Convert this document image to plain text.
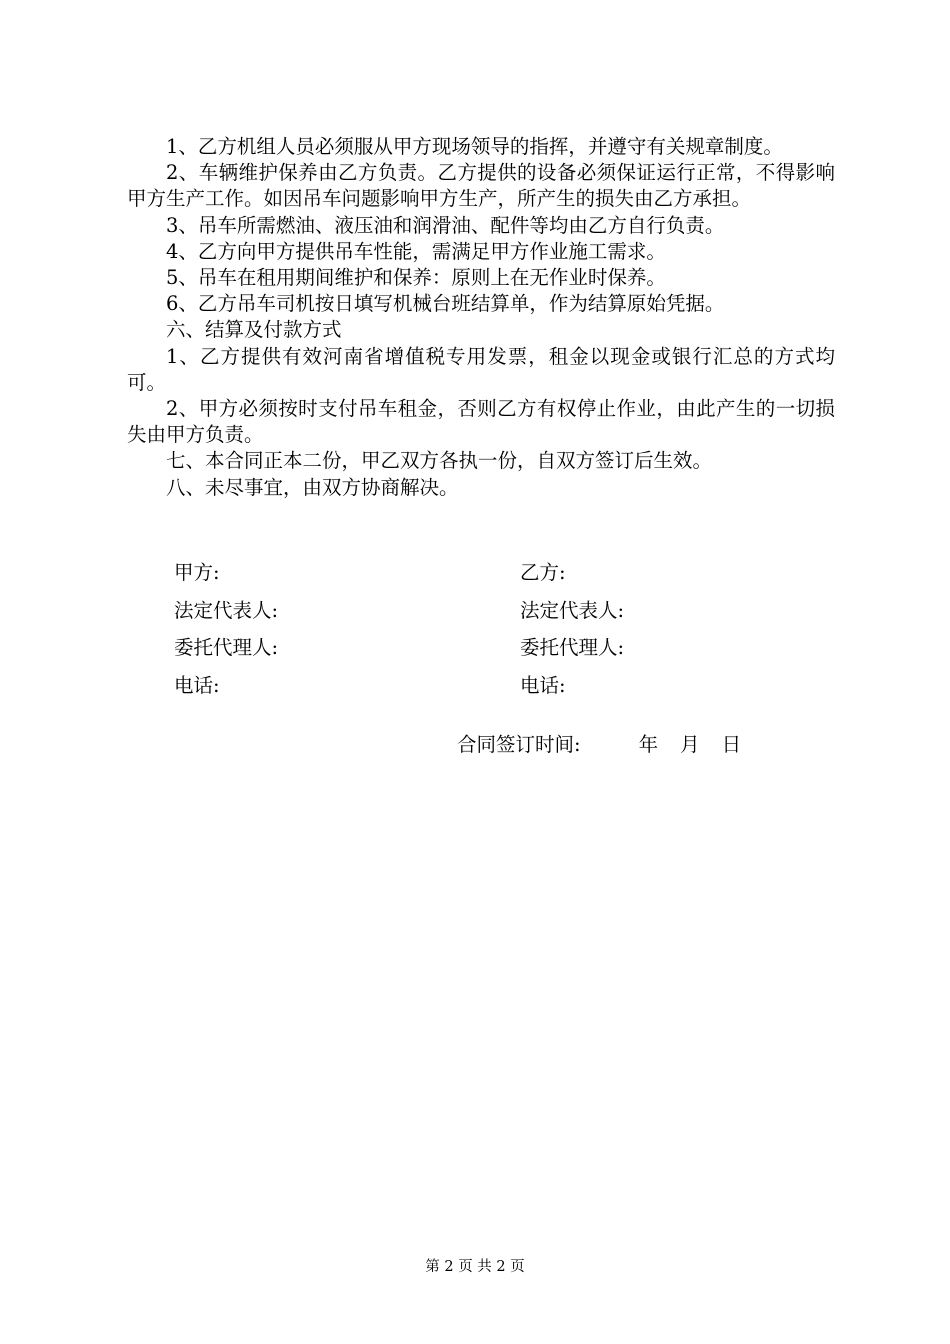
1、乙方机组人员必须服从甲方现场领导的指挥，并遵守有关规章制度。

2、车辆维护保养由乙方负责。乙方提供的设备必须保证运行正常，不得影响甲方生产工作。如因吊车问题影响甲方生产，所产生的损失由乙方承担。

3、吊车所需燃油、液压油和润滑油、配件等均由乙方自行负责。

4、乙方向甲方提供吊车性能，需满足甲方作业施工需求。

5、吊车在租用期间维护和保养：原则上在无作业时保养。

6、乙方吊车司机按日填写机械台班结算单，作为结算原始凭据。

六、结算及付款方式

1、乙方提供有效河南省增值税专用发票，租金以现金或银行汇总的方式均可。

2、甲方必须按时支付吊车租金，否则乙方有权停止作业，由此产生的一切损失由甲方负责。

七、本合同正本二份，甲乙双方各执一份，自双方签订后生效。

八、未尽事宜，由双方协商解决。

甲方:	乙方:
法定代表人:	法定代表人:
委托代理人:	委托代理人:
电话:	电话:
合同签订时间:	年 月 日
第 2 页 共 2 页
